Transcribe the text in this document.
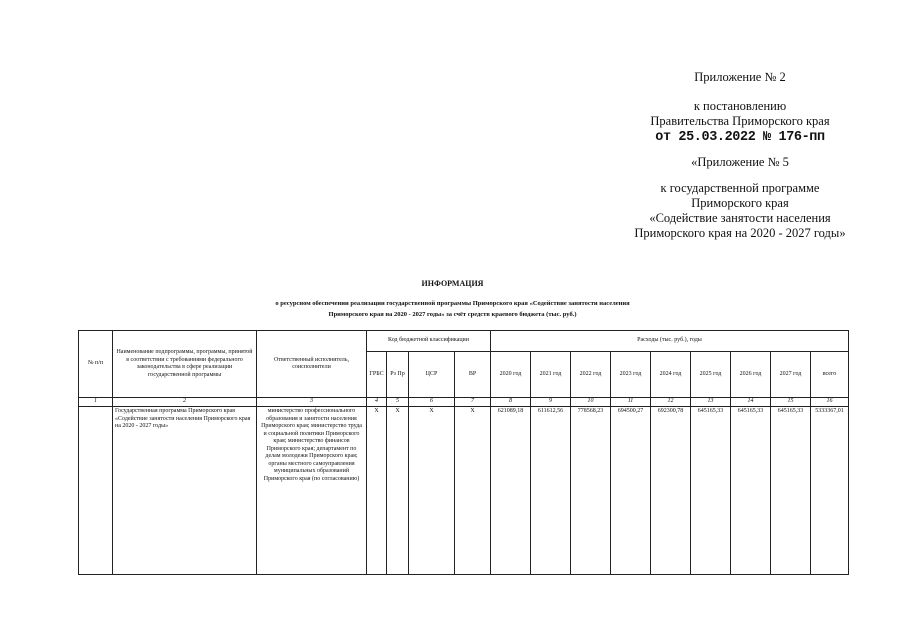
Приложение № 2
к постановлению
Правительства Приморского края
от 25.03.2022 № 176-пп
«Приложение № 5
к государственной программе
Приморского края
«Содействие занятости населения
Приморского края на 2020 - 2027 годы»
ИНФОРМАЦИЯ
о ресурсном обеспечении реализации государственной программы Приморского края «Содействие занятости населения
Приморского края на 2020 - 2027 годы» за счёт средств краевого бюджета (тыс. руб.)
№ п/п	Наименование подпрограммы, программы, принятой в соответствии с требованиями федерального законодательства в сфере реализации государственной программы	Ответственный исполнитель, соисполнители	Код бюджетной классификации				Расходы (тыс. руб.), годы								
			ГРБС	Рз Пр	ЦСР	ВР	2020 год	2021 год	2022 год	2023 год	2024 год	2025 год	2026 год	2027 год	всего
1	2	3	4	5	6	7	8	9	10	11	12	13	14	15	16
	Государственная программа Приморского края «Содействие занятости населения Приморского края на 2020 - 2027 годы»	министерство профессионального образования и занятости населения Приморского края; министерство труда и социальной политики Приморского края; министерство финансов Приморского края; департамент по делам молодежи Приморского края; органы местного самоуправления муниципальных образований Приморского края (по согласованию)	X	X	X	X	621089,18	611612,56	778568,23	694500,27	692300,78	645165,33	645165,33	645165,33	5333367,01
